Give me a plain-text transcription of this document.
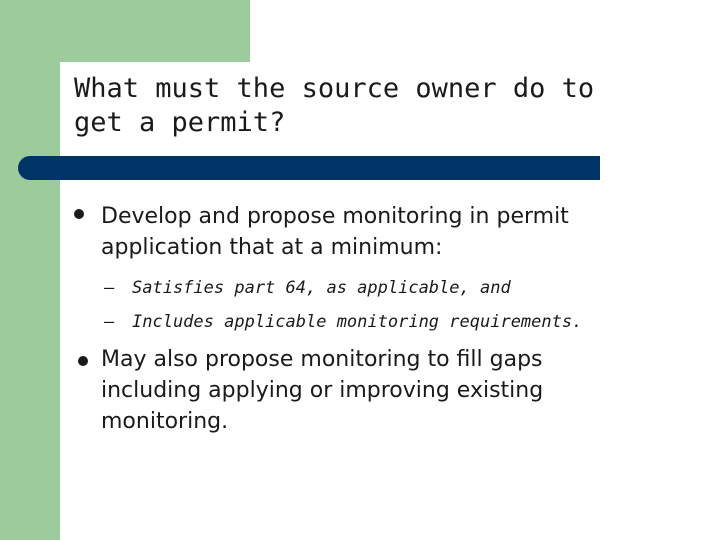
What must the source owner do to
get a permit?
Develop and propose monitoring in permit application that at a minimum:
– Satisfies part 64, as applicable, and
– Includes applicable monitoring requirements.
May also propose monitoring to fill gaps including applying or improving existing monitoring.
